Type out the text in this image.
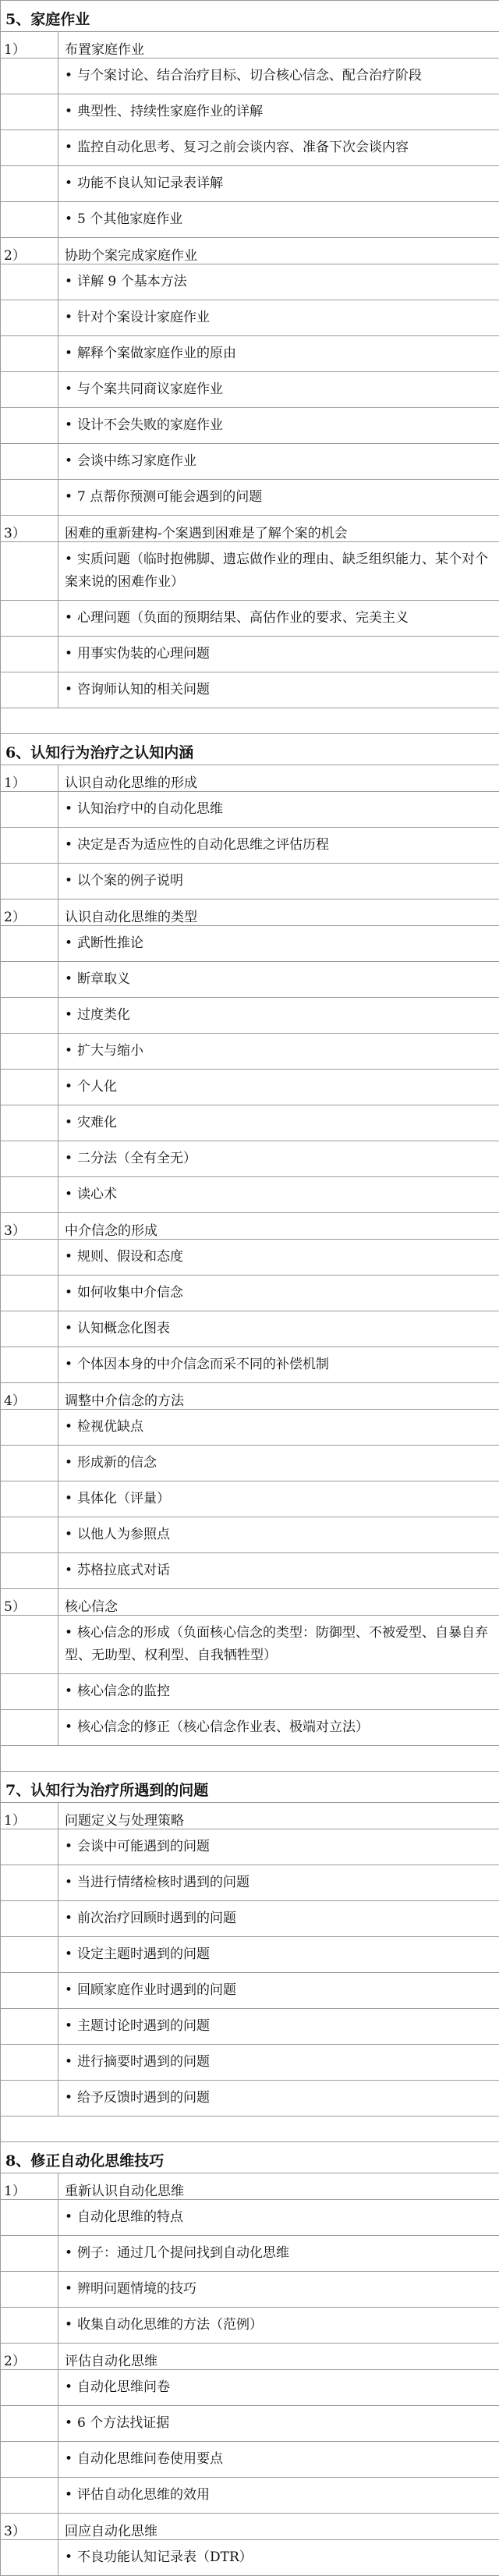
5、家庭作业	
1）	布置家庭作业
	• 与个案讨论、结合治疗目标、切合核心信念、配合治疗阶段
	• 典型性、持续性家庭作业的详解
	• 监控自动化思考、复习之前会谈内容、准备下次会谈内容
	• 功能不良认知记录表详解
	• 5 个其他家庭作业
2）	协助个案完成家庭作业
	• 详解 9 个基本方法
	• 针对个案设计家庭作业
	• 解释个案做家庭作业的原由
	• 与个案共同商议家庭作业
	• 设计不会失败的家庭作业
	• 会谈中练习家庭作业
	• 7 点帮你预测可能会遇到的问题
3）	困难的重新建构-个案遇到困难是了解个案的机会
	• 实质问题（临时抱佛脚、遗忘做作业的理由、缺乏组织能力、某个对个案来说的困难作业）
	• 心理问题（负面的预期结果、高估作业的要求、完美主义
	• 用事实伪装的心理问题
	• 咨询师认知的相关问题

6、认知行为治疗之认知内涵	
1）	认识自动化思维的形成
	• 认知治疗中的自动化思维
	• 决定是否为适应性的自动化思维之评估历程
	• 以个案的例子说明
2）	认识自动化思维的类型
	• 武断性推论
	• 断章取义
	• 过度类化
	• 扩大与缩小
	• 个人化
	• 灾难化
	• 二分法（全有全无）
	• 读心术
3）	中介信念的形成
	• 规则、假设和态度
	• 如何收集中介信念
	• 认知概念化图表
	• 个体因本身的中介信念而采不同的补偿机制
4）	调整中介信念的方法
	• 检视优缺点
	• 形成新的信念
	• 具体化（评量）
	• 以他人为参照点
	• 苏格拉底式对话
5）	核心信念
	• 核心信念的形成（负面核心信念的类型：防御型、不被爱型、自暴自弃型、无助型、权利型、自我牺牲型）
	• 核心信念的监控
	• 核心信念的修正（核心信念作业表、极端对立法）

7、认知行为治疗所遇到的问题	
1）	问题定义与处理策略
	• 会谈中可能遇到的问题
	• 当进行情绪检核时遇到的问题
	• 前次治疗回顾时遇到的问题
	• 设定主题时遇到的问题
	• 回顾家庭作业时遇到的问题
	• 主题讨论时遇到的问题
	• 进行摘要时遇到的问题
	• 给予反馈时遇到的问题

8、修正自动化思维技巧	
1）	重新认识自动化思维
	• 自动化思维的特点
	• 例子：通过几个提问找到自动化思维
	• 辨明问题情境的技巧
	• 收集自动化思维的方法（范例）
2）	评估自动化思维
	• 自动化思维问卷
	• 6 个方法找证据
	• 自动化思维问卷使用要点
	• 评估自动化思维的效用
3）	回应自动化思维
	• 不良功能认知记录表（DTR）
